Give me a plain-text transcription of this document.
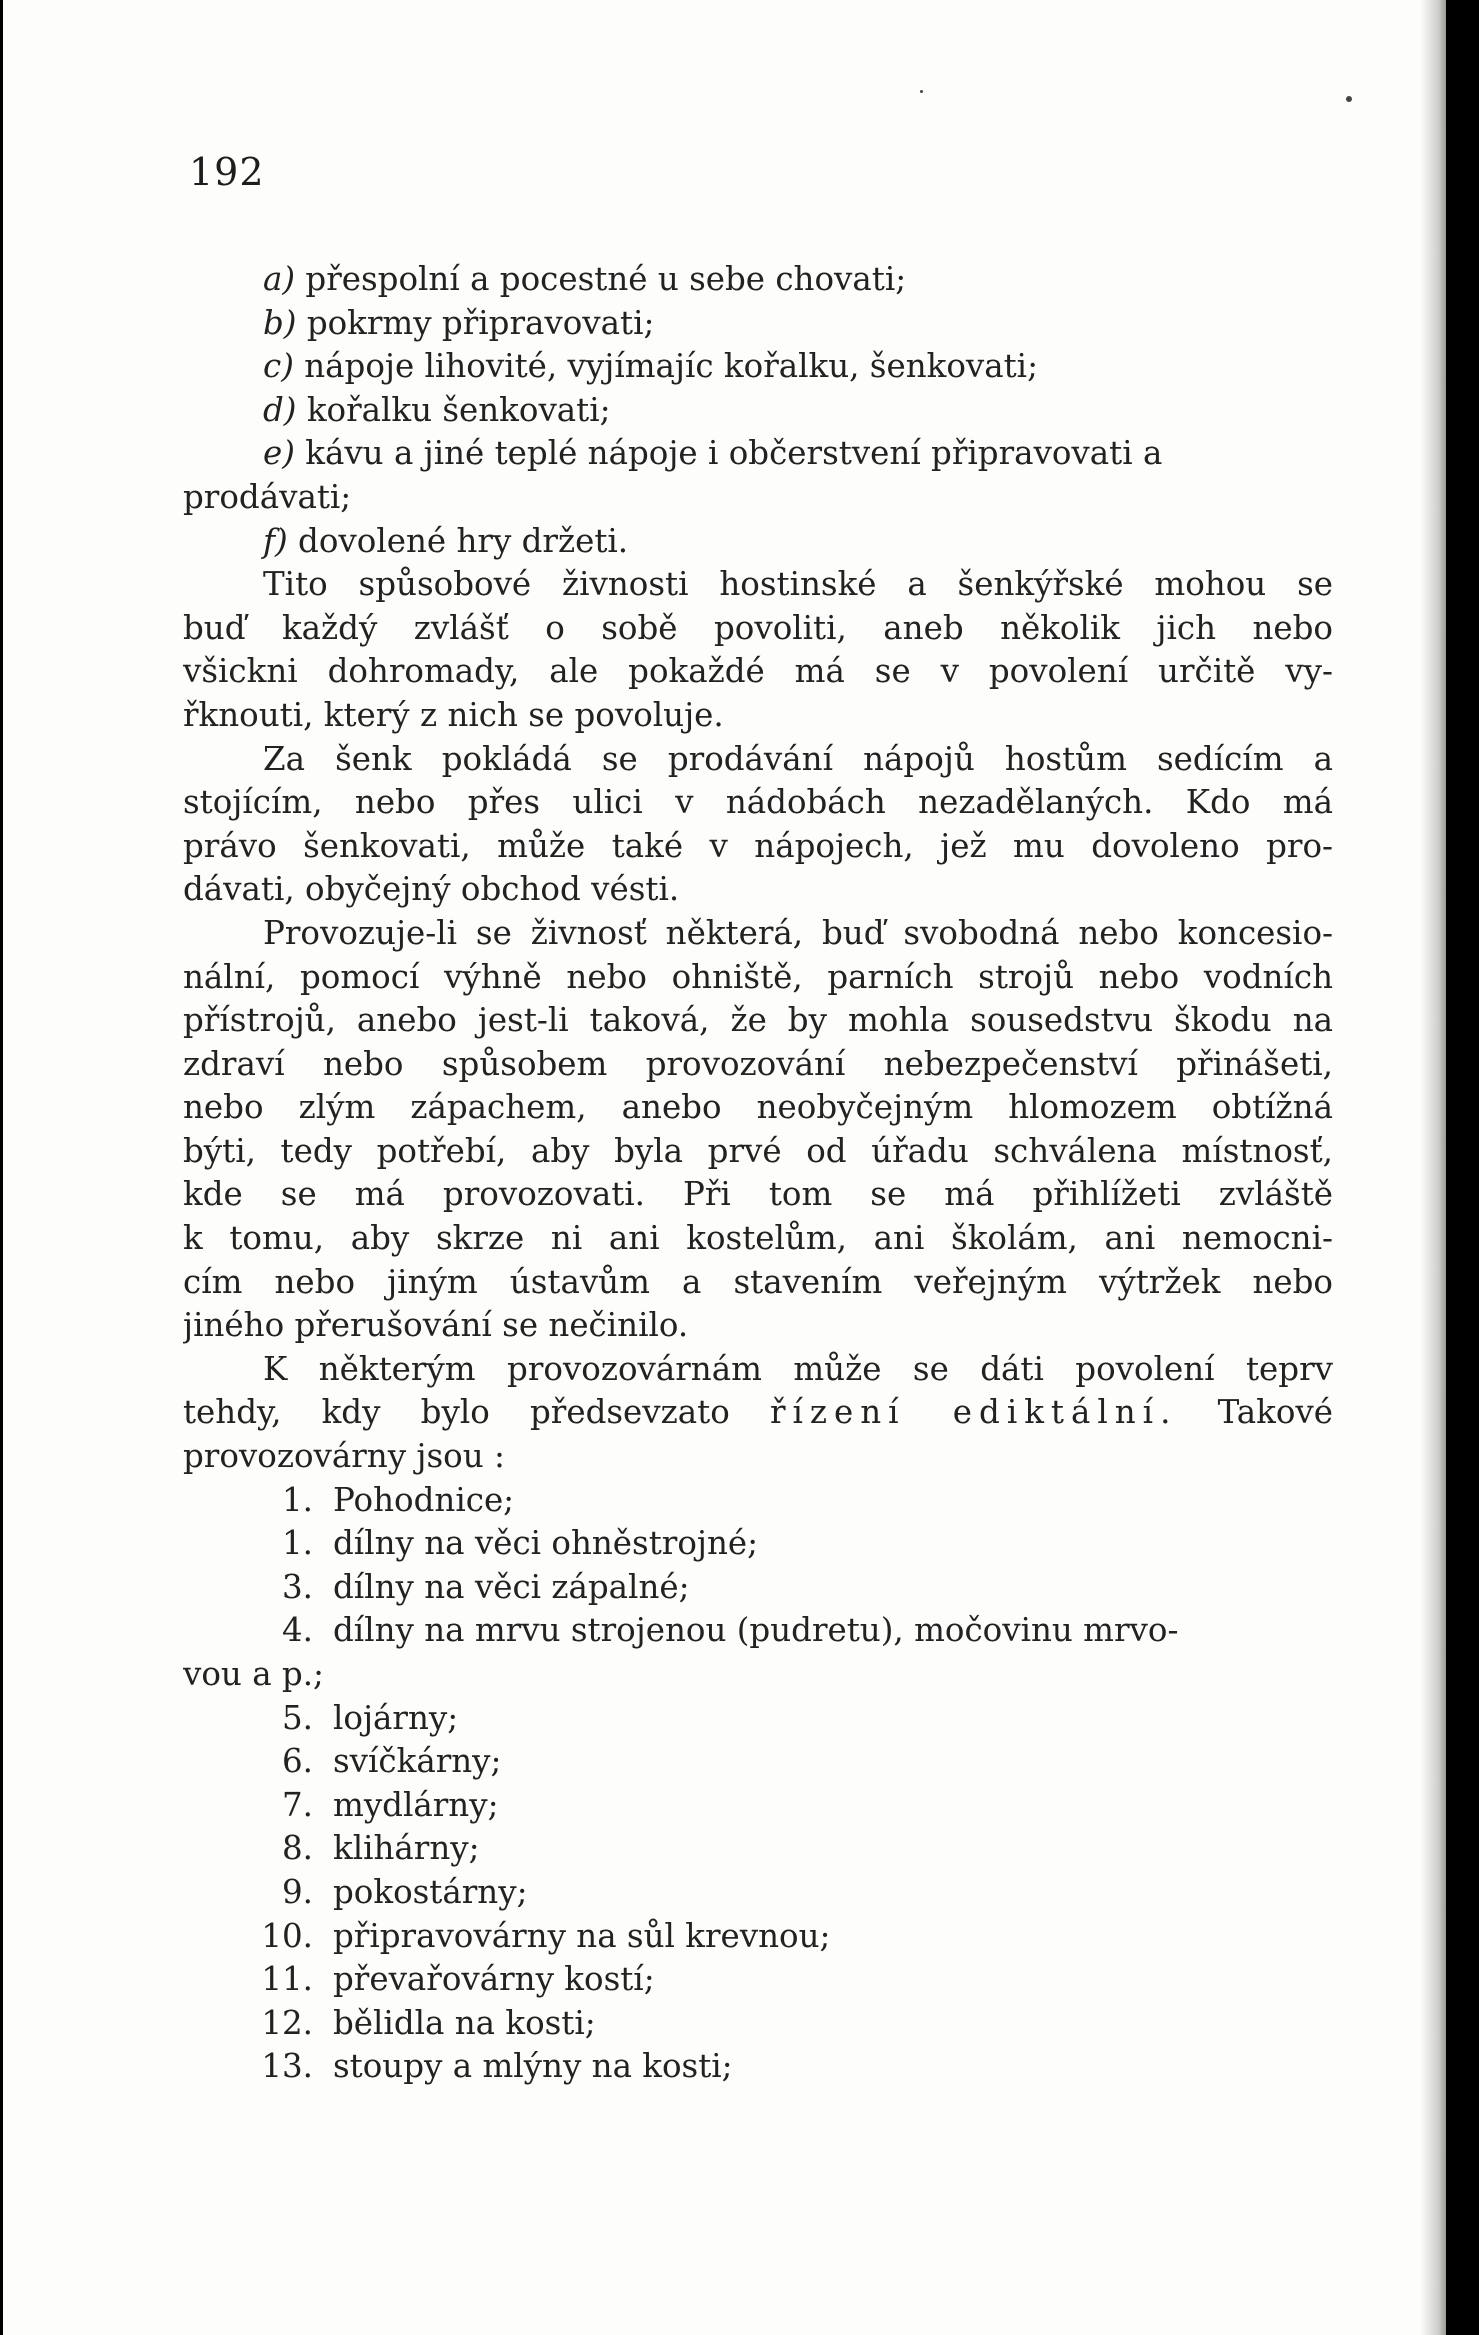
192
a) přespolní a pocestné u sebe chovati;
b) pokrmy připravovati;
c) nápoje lihovité, vyjímajíc kořalku, šenkovati;
d) kořalku šenkovati;
e) kávu a jiné teplé nápoje i občerstvení připravovati a
prodávati;
f) dovolené hry držeti.
Tito spůsobové živnosti hostinské a šenkýřské mohou se
buď každý zvlášť o sobě povoliti, aneb několik jich nebo
všickni dohromady, ale pokaždé má se v povolení určitě vy-
řknouti, který z nich se povoluje.
Za šenk pokládá se prodávání nápojů hostům sedícím a
stojícím, nebo přes ulici v nádobách nezadělaných. Kdo má
právo šenkovati, může také v nápojech, jež mu dovoleno pro-
dávati, obyčejný obchod vésti.
Provozuje-li se živnosť některá, buď svobodná nebo koncesio-
nální, pomocí výhně nebo ohniště, parních strojů nebo vodních
přístrojů, anebo jest-li taková, že by mohla sousedstvu škodu na
zdraví nebo spůsobem provozování nebezpečenství přinášeti,
nebo zlým zápachem, anebo neobyčejným hlomozem obtížná
býti, tedy potřebí, aby byla prvé od úřadu schválena místnosť,
kde se má provozovati. Při tom se má přihlížeti zvláště
k tomu, aby skrze ni ani kostelům, ani školám, ani nemocni-
cím nebo jiným ústavům a stavením veřejným výtržek nebo
jiného přerušování se nečinilo.
K některým provozovárnám může se dáti povolení teprv
tehdy, kdy bylo předsevzato řízení ediktální. Takové
provozovárny jsou :
1. Pohodnice;
1. dílny na věci ohněstrojné;
3. dílny na věci zápalné;
4. dílny na mrvu strojenou (pudretu), močovinu mrvo-
vou a p.;
5. lojárny;
6. svíčkárny;
7. mydlárny;
8. klihárny;
9. pokostárny;
10. připravovárny na sůl krevnou;
11. převařovárny kostí;
12. bělidla na kosti;
13. stoupy a mlýny na kosti;
